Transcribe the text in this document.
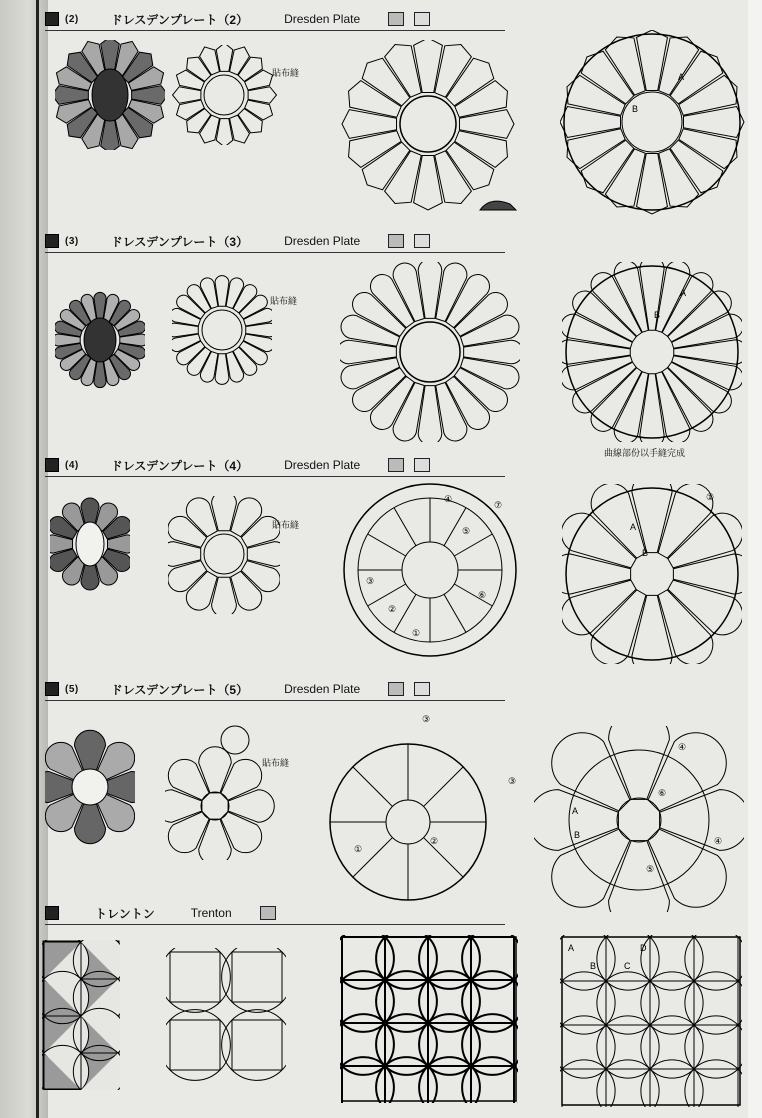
(2)	ドレスデンプレート（2）	Dresden Plate
(3)	ドレスデンプレート（3）	Dresden Plate
(4)	ドレスデンプレート（4）	Dresden Plate
(5)	ドレスデンプレート（5）	Dresden Plate
トレントン	Trenton
貼布縫	A
B
貼布縫
A
B
曲線部份以手縫完成
貼布縫
④
⑦
⑤
③
②
⑥
①
A
B
①
貼布縫
③
③
①
②
A
B
④
⑥
④
⑤
A
B	C
D
